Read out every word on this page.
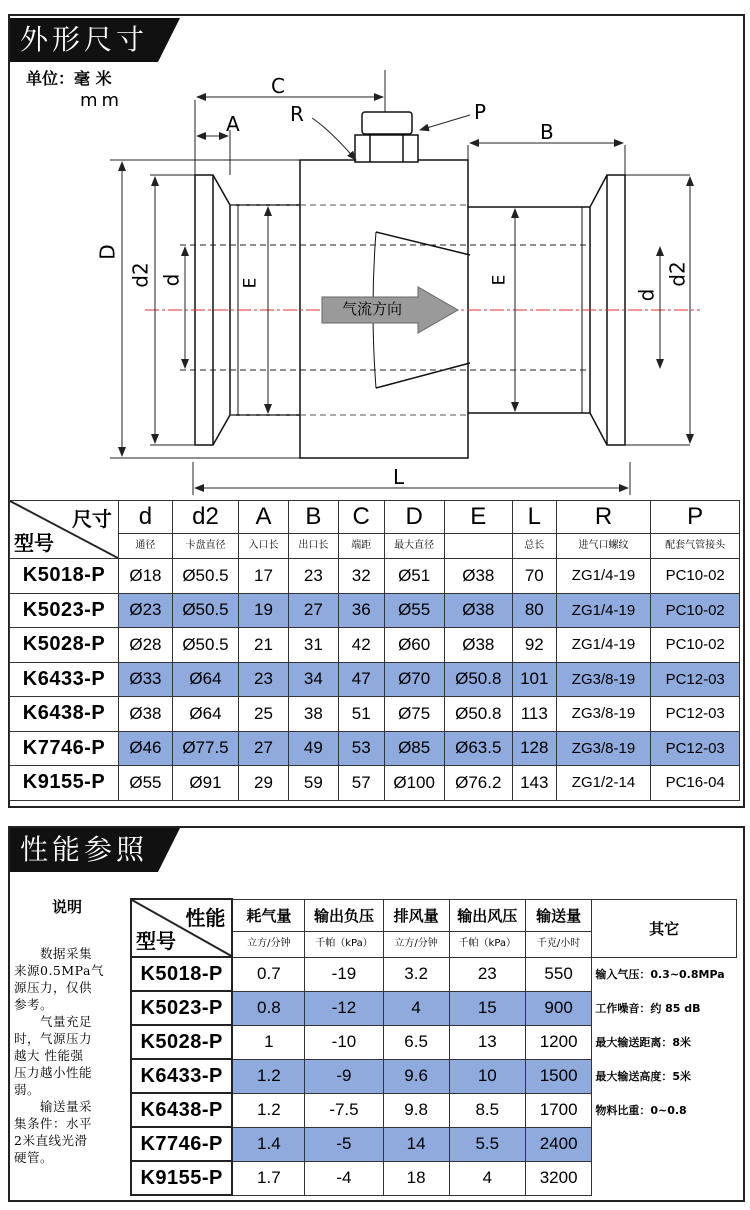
外形尺寸
单位：毫 米
mm
C
A	R	P
B
D
d2 d	E	E
d
d2
L
气流方向
尺寸
型号	d	d2	A	B	C	D	E	L	R	P
	通径	卡盘直径	入口长	出口长	端距	最大直径		总长	进气口螺纹	配套气管接头
K5018-P	Ø18	Ø50.5	17	23	32	Ø51	Ø38	70	ZG1/4-19	PC10-02
K5023-P	Ø23	Ø50.5	19	27	36	Ø55	Ø38	80	ZG1/4-19	PC10-02
K5028-P	Ø28	Ø50.5	21	31	42	Ø60	Ø38	92	ZG1/4-19	PC10-02
K6433-P	Ø33	Ø64	23	34	47	Ø70	Ø50.8	101	ZG3/8-19	PC12-03
K6438-P	Ø38	Ø64	25	38	51	Ø75	Ø50.8	113	ZG3/8-19	PC12-03
K7746-P	Ø46	Ø77.5	27	49	53	Ø85	Ø63.5	128	ZG3/8-19	PC12-03
K9155-P	Ø55	Ø91	29	59	57	Ø100	Ø76.2	143	ZG1/2-14	PC16-04
性能参照
说明
数据采集
来源0.5MPa气
源压力，仅供
参考。
气量充足
时，气源压力
越大 性能强
压力越小性能
弱。
输送量采
集条件：水平
2米直线光滑
硬管。
性能
型号	耗气量	输出负压	排风量	输出风压	输送量	其它
	立方/分钟	千帕（kPa）	立方/分钟	千帕（kPa）	千克/小时	
K5018-P	0.7	-19	3.2	23	550	输入气压：0.3~0.8MPa
K5023-P	0.8	-12	4	15	900	工作噪音：约 85 dB
K5028-P	1	-10	6.5	13	1200	最大输送距离：8米
K6433-P	1.2	-9	9.6	10	1500	最大输送高度：5米
K6438-P	1.2	-7.5	9.8	8.5	1700	物料比重：0~0.8
K7746-P	1.4	-5	14	5.5	2400	
K9155-P	1.7	-4	18	4	3200	
